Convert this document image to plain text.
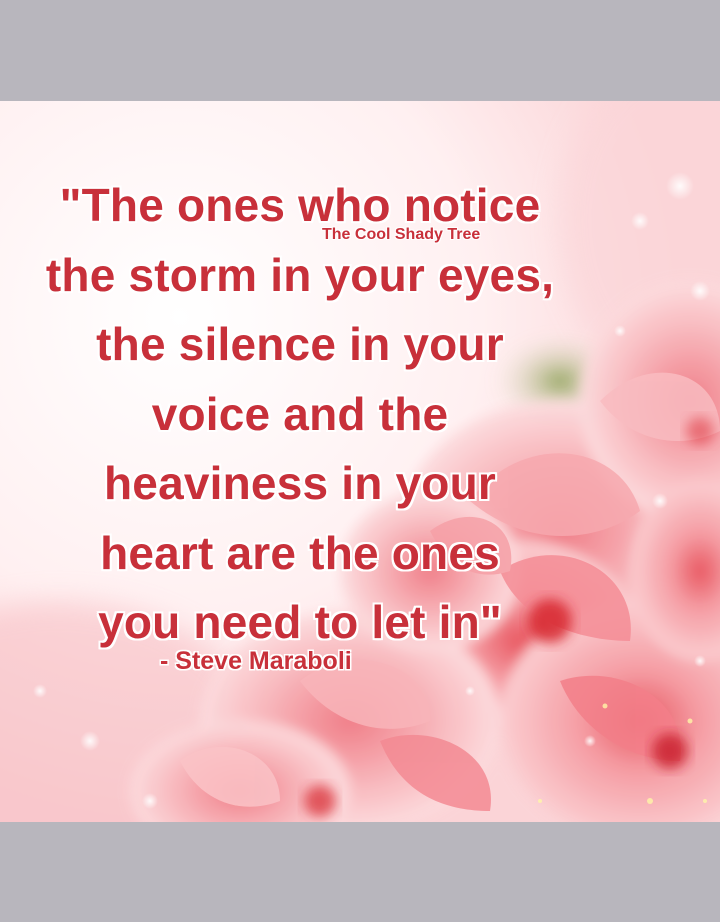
"The ones who notice
the storm in your eyes,
the silence in your
voice and the
heaviness in your
heart are the ones
you need to let in"
The Cool Shady Tree
- Steve Maraboli
